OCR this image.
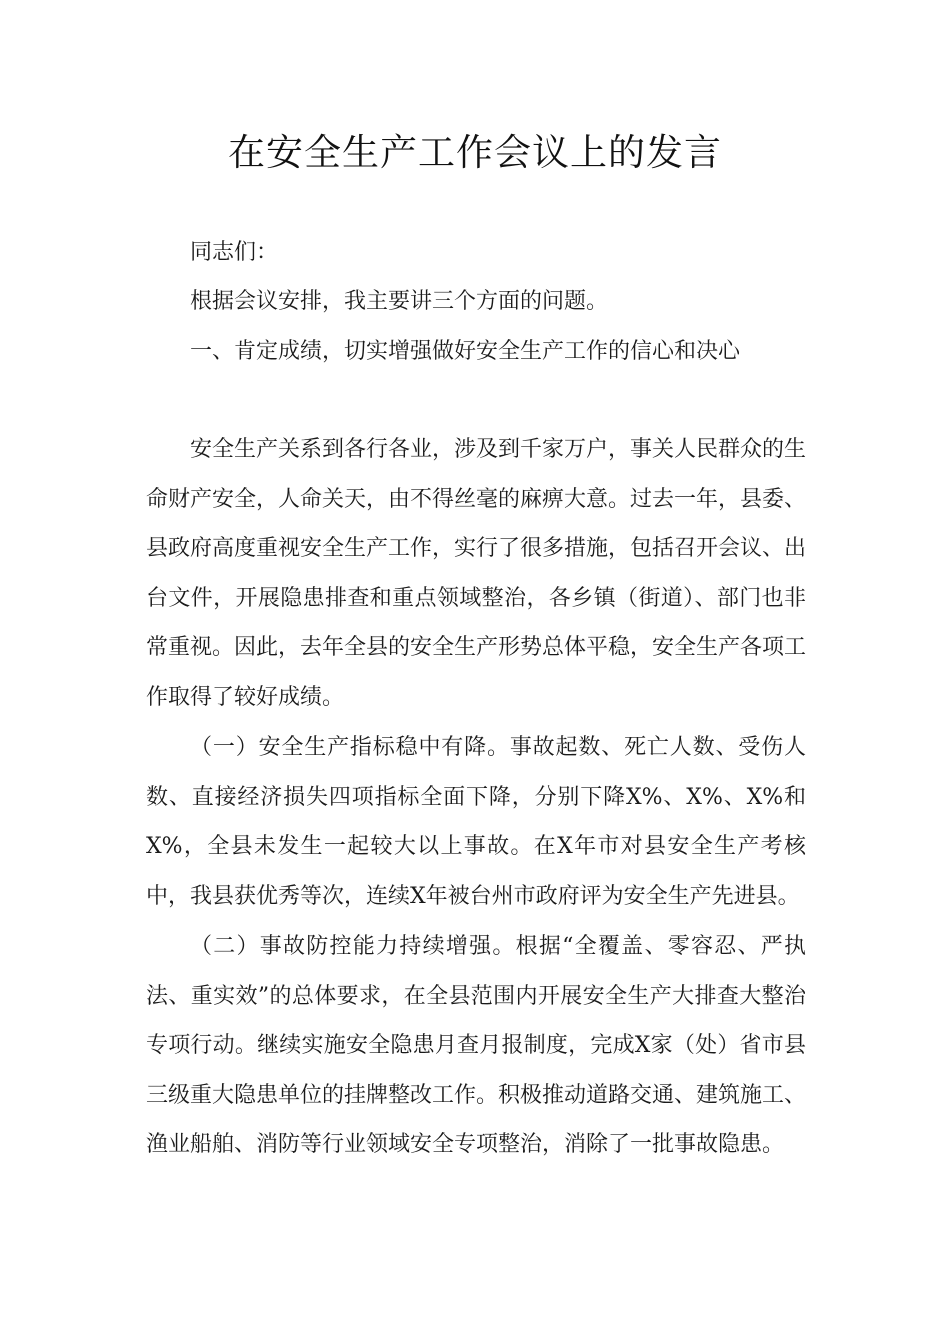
在安全生产工作会议上的发言
同志们：
根据会议安排，我主要讲三个方面的问题。
一、肯定成绩，切实增强做好安全生产工作的信心和决心

安全生产关系到各行各业，涉及到千家万户，事关人民群众的生命财产安全，人命关天，由不得丝毫的麻痹大意。过去一年，县委、县政府高度重视安全生产工作，实行了很多措施，包括召开会议、出台文件，开展隐患排查和重点领域整治，各乡镇（街道）、部门也非常重视。因此，去年全县的安全生产形势总体平稳，安全生产各项工作取得了较好成绩。

（一）安全生产指标稳中有降。事故起数、死亡人数、受伤人数、直接经济损失四项指标全面下降，分别下降X%、X%、X%和X%，全县未发生一起较大以上事故。在X年市对县安全生产考核中，我县获优秀等次，连续X年被台州市政府评为安全生产先进县。

（二）事故防控能力持续增强。根据“全覆盖、零容忍、严执法、重实效”的总体要求，在全县范围内开展安全生产大排查大整治专项行动。继续实施安全隐患月查月报制度，完成X家（处）省市县三级重大隐患单位的挂牌整改工作。积极推动道路交通、建筑施工、渔业船舶、消防等行业领域安全专项整治，消除了一批事故隐患。
